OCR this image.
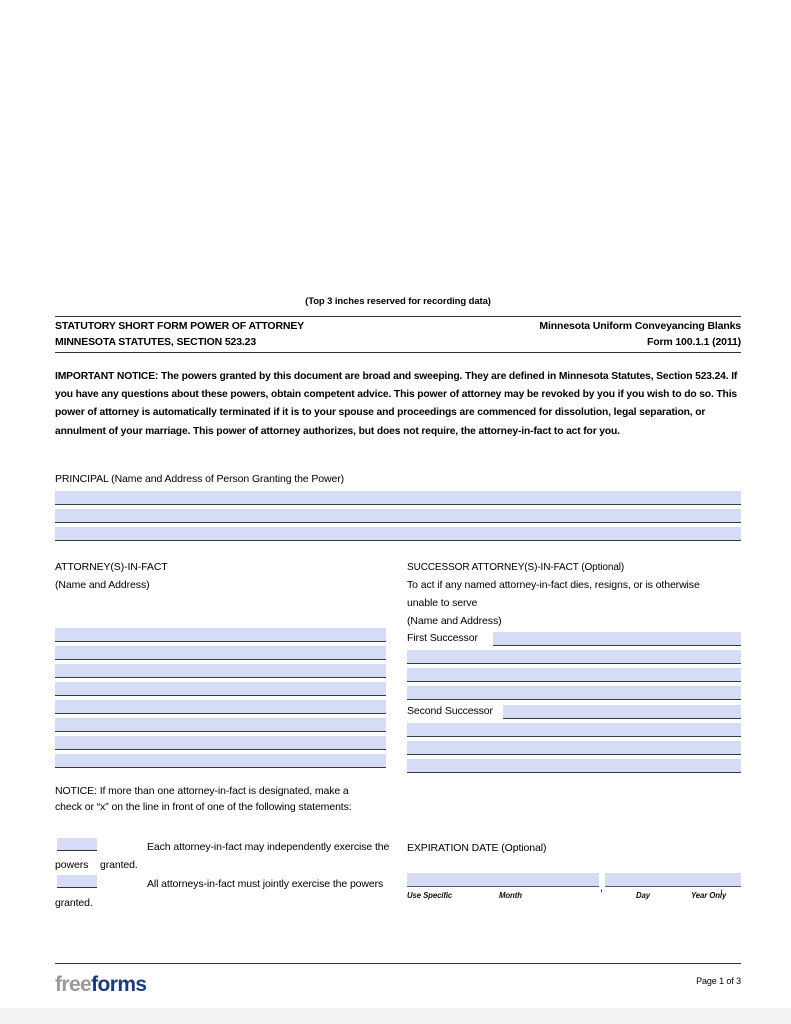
(Top 3 inches reserved for recording data)
STATUTORY SHORT FORM POWER OF ATTORNEY
MINNESOTA STATUTES, SECTION 523.23
Minnesota Uniform Conveyancing Blanks
Form 100.1.1 (2011)
IMPORTANT NOTICE: The powers granted by this document are broad and sweeping. They are defined in Minnesota Statutes, Section 523.24. If you have any questions about these powers, obtain competent advice. This power of attorney may be revoked by you if you wish to do so. This power of attorney is automatically terminated if it is to your spouse and proceedings are commenced for dissolution, legal separation, or annulment of your marriage. This power of attorney authorizes, but does not require, the attorney-in-fact to act for you.
PRINCIPAL (Name and Address of Person Granting the Power)
ATTORNEY(S)-IN-FACT
(Name and Address)
SUCCESSOR ATTORNEY(S)-IN-FACT (Optional)
To act if any named attorney-in-fact dies, resigns, or is otherwise
unable to serve
(Name and Address)
First Successor
Second Successor
NOTICE: If more than one attorney-in-fact is designated, make a
check or “x” on the line in front of one of the following statements:
Each attorney-in-fact may independently exercise the
powers granted.
All attorneys-in-fact must jointly exercise the powers
granted.
EXPIRATION DATE (Optional)
,	,
Use Specific	Month	Day	Year Only
freeforms	Page 1 of 3
